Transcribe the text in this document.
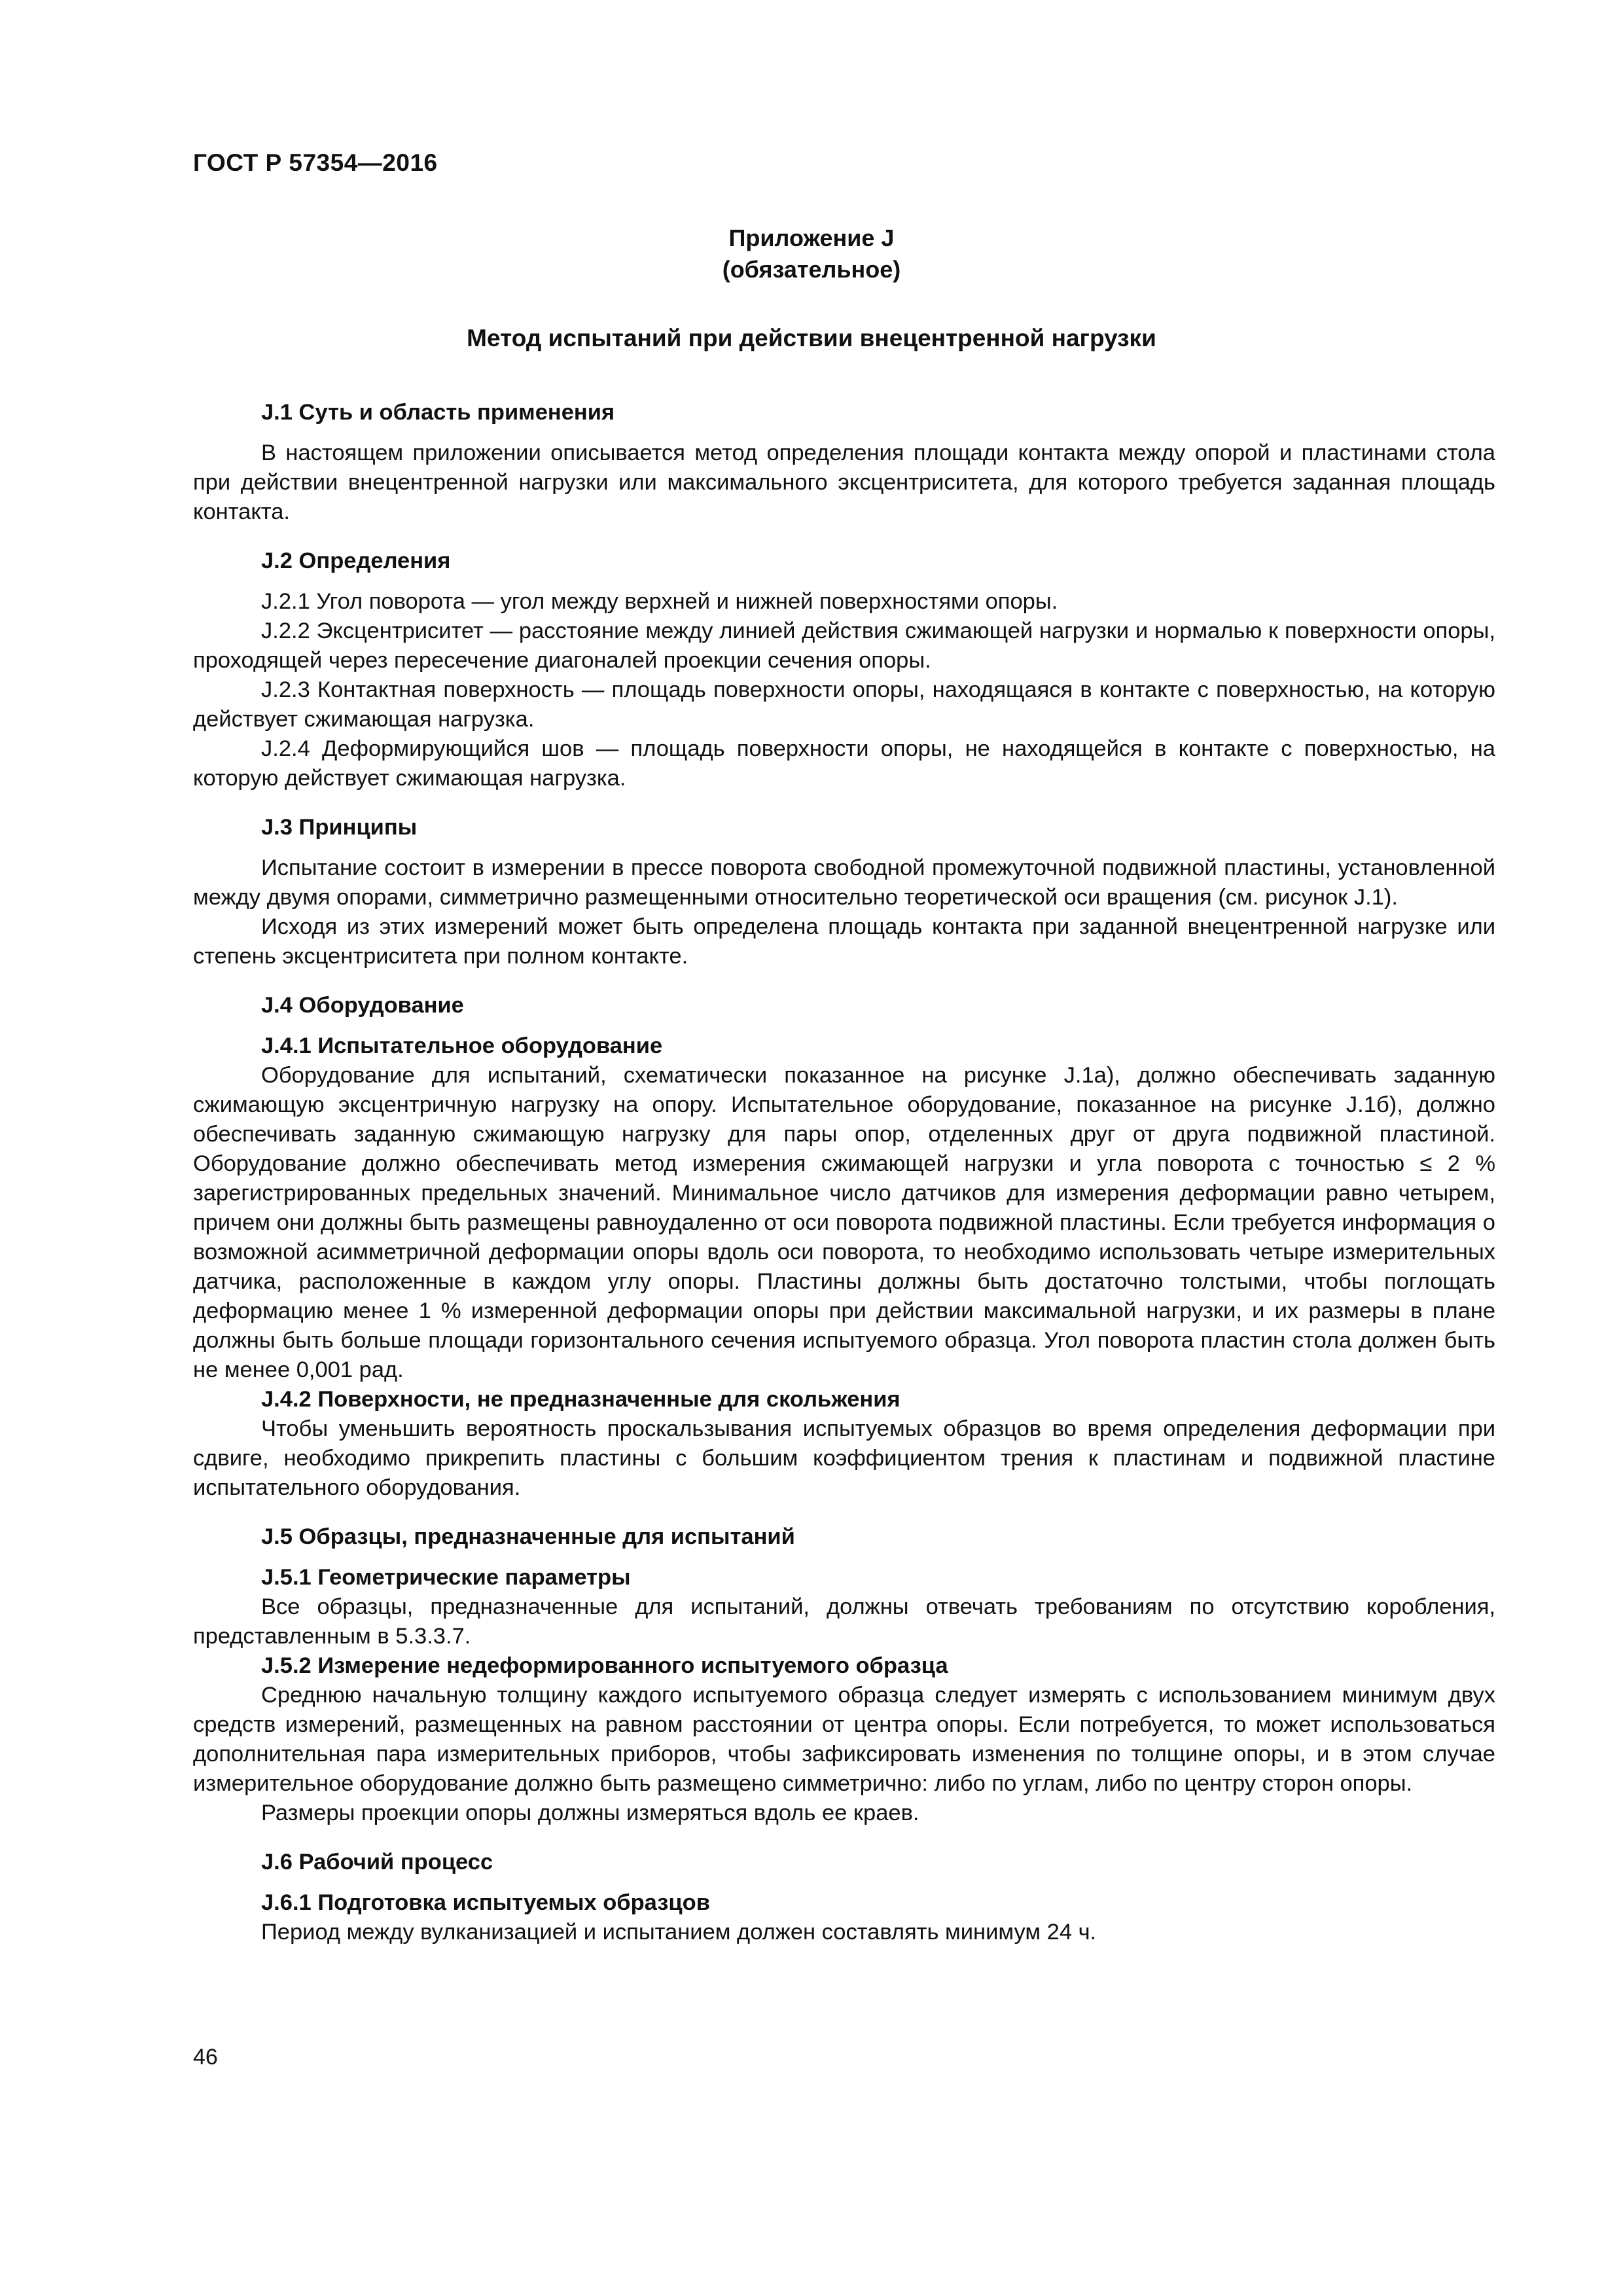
ГОСТ Р 57354—2016
Приложение J
(обязательное)
Метод испытаний при действии внецентренной нагрузки
J.1 Суть и область применения

В настоящем приложении описывается метод определения площади контакта между опорой и пластинами стола при действии внецентренной нагрузки или максимального эксцентриситета, для которого требуется заданная площадь контакта.

J.2 Определения

J.2.1 Угол поворота — угол между верхней и нижней поверхностями опоры.

J.2.2 Эксцентриситет — расстояние между линией действия сжимающей нагрузки и нормалью к поверхности опоры, проходящей через пересечение диагоналей проекции сечения опоры.

J.2.3 Контактная поверхность — площадь поверхности опоры, находящаяся в контакте с поверхностью, на которую действует сжимающая нагрузка.

J.2.4 Деформирующийся шов — площадь поверхности опоры, не находящейся в контакте с поверхностью, на которую действует сжимающая нагрузка.

J.3 Принципы

Испытание состоит в измерении в прессе поворота свободной промежуточной подвижной пластины, установленной между двумя опорами, симметрично размещенными относительно теоретической оси вращения (см. рисунок J.1).

Исходя из этих измерений может быть определена площадь контакта при заданной внецентренной нагрузке или степень эксцентриситета при полном контакте.

J.4 Оборудование
J.4.1 Испытательное оборудование

Оборудование для испытаний, схематически показанное на рисунке J.1а), должно обеспечивать заданную сжимающую эксцентричную нагрузку на опору. Испытательное оборудование, показанное на рисунке J.1б), должно обеспечивать заданную сжимающую нагрузку для пары опор, отделенных друг от друга подвижной пластиной. Оборудование должно обеспечивать метод измерения сжимающей нагрузки и угла поворота с точностью ≤ 2 % зарегистрированных предельных значений. Минимальное число датчиков для измерения деформации равно четырем, причем они должны быть размещены равноудаленно от оси поворота подвижной пластины. Если требуется информация о возможной асимметричной деформации опоры вдоль оси поворота, то необходимо использовать четыре измерительных датчика, расположенные в каждом углу опоры. Пластины должны быть достаточно толстыми, чтобы поглощать деформацию менее 1 % измеренной деформации опоры при действии максимальной нагрузки, и их размеры в плане должны быть больше площади горизонтального сечения испытуемого образца. Угол поворота пластин стола должен быть не менее 0,001 рад.

J.4.2 Поверхности, не предназначенные для скольжения

Чтобы уменьшить вероятность проскальзывания испытуемых образцов во время определения деформации при сдвиге, необходимо прикрепить пластины с большим коэффициентом трения к пластинам и подвижной пластине испытательного оборудования.

J.5 Образцы, предназначенные для испытаний
J.5.1 Геометрические параметры

Все образцы, предназначенные для испытаний, должны отвечать требованиям по отсутствию коробления, представленным в 5.3.3.7.

J.5.2 Измерение недеформированного испытуемого образца

Среднюю начальную толщину каждого испытуемого образца следует измерять с использованием минимум двух средств измерений, размещенных на равном расстоянии от центра опоры. Если потребуется, то может использоваться дополнительная пара измерительных приборов, чтобы зафиксировать изменения по толщине опоры, и в этом случае измерительное оборудование должно быть размещено симметрично: либо по углам, либо по центру сторон опоры.

Размеры проекции опоры должны измеряться вдоль ее краев.

J.6 Рабочий процесс
J.6.1 Подготовка испытуемых образцов

Период между вулканизацией и испытанием должен составлять минимум 24 ч.

46
